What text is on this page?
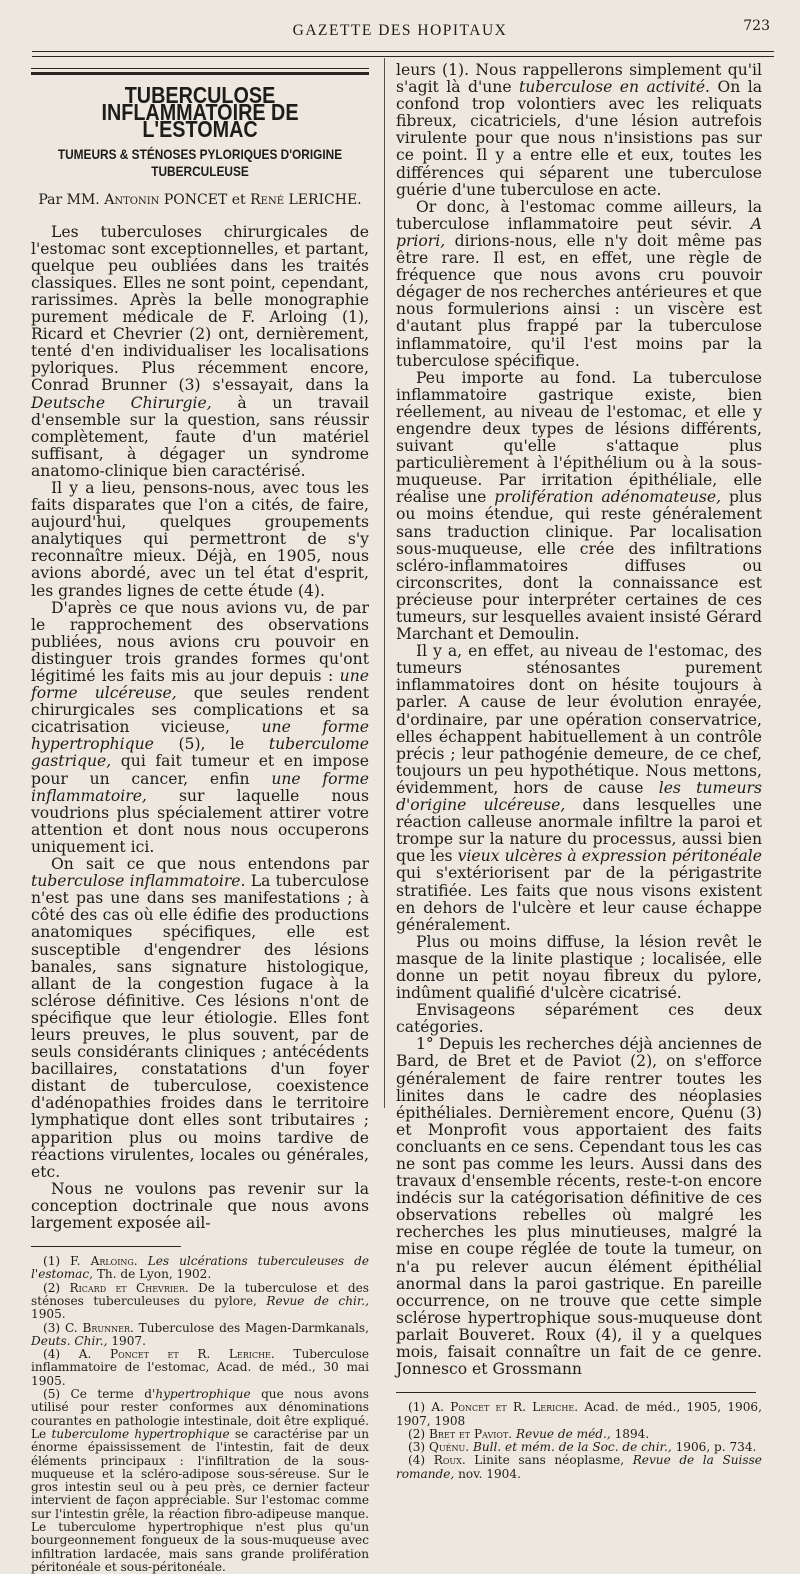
GAZETTE DES HOPITAUX	723
TUBERCULOSE INFLAMMATOIRE DE L'ESTOMAC
TUMEURS & STÉNOSES PYLORIQUES D'ORIGINE TUBERCULEUSE
Par MM. Antonin PONCET et René LERICHE.

Les tuberculoses chirurgicales de l'estomac sont exceptionnelles, et partant, quelque peu oubliées dans les traités classiques. Elles ne sont point, cependant, rarissimes. Après la belle monographie purement médicale de F. Arloing (1), Ricard et Chevrier (2) ont, dernièrement, tenté d'en individualiser les localisations pyloriques. Plus récemment encore, Conrad Brunner (3) s'essayait, dans la Deutsche Chirurgie, à un travail d'ensemble sur la question, sans réussir complètement, faute d'un matériel suffisant, à dégager un syndrome anatomo-clinique bien caractérisé.

Il y a lieu, pensons-nous, avec tous les faits disparates que l'on a cités, de faire, aujourd'hui, quelques groupements analytiques qui permettront de s'y reconnaître mieux. Déjà, en 1905, nous avions abordé, avec un tel état d'esprit, les grandes lignes de cette étude (4).

D'après ce que nous avions vu, de par le rapprochement des observations publiées, nous avions cru pouvoir en distinguer trois grandes formes qu'ont légitimé les faits mis au jour depuis : une forme ulcéreuse, que seules rendent chirurgicales ses complications et sa cicatrisation vicieuse, une forme hypertrophique (5), le tuberculome gastrique, qui fait tumeur et en impose pour un cancer, enfin une forme inflammatoire, sur laquelle nous voudrions plus spécialement attirer votre attention et dont nous nous occuperons uniquement ici.

On sait ce que nous entendons par tuberculose inflammatoire. La tuberculose n'est pas une dans ses manifestations ; à côté des cas où elle édifie des productions anatomiques spécifiques, elle est susceptible d'engendrer des lésions banales, sans signature histologique, allant de la congestion fugace à la sclérose définitive. Ces lésions n'ont de spécifique que leur étiologie. Elles font leurs preuves, le plus souvent, par de seuls considérants cliniques ; antécédents bacillaires, constatations d'un foyer distant de tuberculose, coexistence d'adénopathies froides dans le territoire lymphatique dont elles sont tributaires ; apparition plus ou moins tardive de réactions virulentes, locales ou générales, etc.

Nous ne voulons pas revenir sur la conception doctrinale que nous avons largement exposée ail-

(1) F. Arloing. Les ulcérations tuberculeuses de l'estomac, Th. de Lyon, 1902.

(2) Ricard et Chevrier. De la tuberculose et des sténoses tuberculeuses du pylore, Revue de chir., 1905.

(3) C. Brunner. Tuberculose des Magen-Darmkanals, Deuts. Chir., 1907.

(4) A. Poncet et R. Leriche. Tuberculose inflammatoire de l'estomac, Acad. de méd., 30 mai 1905.

(5) Ce terme d'hypertrophique que nous avons utilisé pour rester conformes aux dénominations courantes en pathologie intestinale, doit être expliqué. Le tuberculome hypertrophique se caractérise par un énorme épaississement de l'intestin, fait de deux éléments principaux : l'infiltration de la sous-muqueuse et la scléro-adipose sous-séreuse. Sur le gros intestin seul ou à peu près, ce dernier facteur intervient de façon appréciable. Sur l'estomac comme sur l'intestin grêle, la réaction fibro-adipeuse manque. Le tuberculome hypertrophique n'est plus qu'un bourgeonnement fongueux de la sous-muqueuse avec infiltration lardacée, mais sans grande prolifération péritonéale et sous-péritonéale.

leurs (1). Nous rappellerons simplement qu'il s'agit là d'une tuberculose en activité. On la confond trop volontiers avec les reliquats fibreux, cicatriciels, d'une lésion autrefois virulente pour que nous n'insistions pas sur ce point. Il y a entre elle et eux, toutes les différences qui séparent une tuberculose guérie d'une tuberculose en acte.

Or donc, à l'estomac comme ailleurs, la tuberculose inflammatoire peut sévir. A priori, dirions-nous, elle n'y doit même pas être rare. Il est, en effet, une règle de fréquence que nous avons cru pouvoir dégager de nos recherches antérieures et que nous formulerions ainsi : un viscère est d'autant plus frappé par la tuberculose inflammatoire, qu'il l'est moins par la tuberculose spécifique.

Peu importe au fond. La tuberculose inflammatoire gastrique existe, bien réellement, au niveau de l'estomac, et elle y engendre deux types de lésions différents, suivant qu'elle s'attaque plus particulièrement à l'épithélium ou à la sous-muqueuse. Par irritation épithéliale, elle réalise une prolifération adénomateuse, plus ou moins étendue, qui reste généralement sans traduction clinique. Par localisation sous-muqueuse, elle crée des infiltrations scléro-inflammatoires diffuses ou circonscrites, dont la connaissance est précieuse pour interpréter certaines de ces tumeurs, sur lesquelles avaient insisté Gérard Marchant et Demoulin.

Il y a, en effet, au niveau de l'estomac, des tumeurs sténosantes purement inflammatoires dont on hésite toujours à parler. A cause de leur évolution enrayée, d'ordinaire, par une opération conservatrice, elles échappent habituellement à un contrôle précis ; leur pathogénie demeure, de ce chef, toujours un peu hypothétique. Nous mettons, évidemment, hors de cause les tumeurs d'origine ulcéreuse, dans lesquelles une réaction calleuse anormale infiltre la paroi et trompe sur la nature du processus, aussi bien que les vieux ulcères à expression péritonéale qui s'extériorisent par de la périgastrite stratifiée. Les faits que nous visons existent en dehors de l'ulcère et leur cause échappe généralement.

Plus ou moins diffuse, la lésion revêt le masque de la linite plastique ; localisée, elle donne un petit noyau fibreux du pylore, indûment qualifié d'ulcère cicatrisé.

Envisageons séparément ces deux catégories.

1° Depuis les recherches déjà anciennes de Bard, de Bret et de Paviot (2), on s'efforce généralement de faire rentrer toutes les linites dans le cadre des néoplasies épithéliales. Dernièrement encore, Quénu (3) et Monprofit vous apportaient des faits concluants en ce sens. Cependant tous les cas ne sont pas comme les leurs. Aussi dans des travaux d'ensemble récents, reste-t-on encore indécis sur la catégorisation définitive de ces observations rebelles où malgré les recherches les plus minutieuses, malgré la mise en coupe réglée de toute la tumeur, on n'a pu relever aucun élément épithélial anormal dans la paroi gastrique. En pareille occurrence, on ne trouve que cette simple sclérose hypertrophique sous-muqueuse dont parlait Bouveret. Roux (4), il y a quelques mois, faisait connaître un fait de ce genre. Jonnesco et Grossmann

(1) A. Poncet et R. Leriche. Acad. de méd., 1905, 1906, 1907, 1908

(2) Bret et Paviot. Revue de méd., 1894.

(3) Quénu. Bull. et mém. de la Soc. de chir., 1906, p. 734.

(4) Roux. Linite sans néoplasme, Revue de la Suisse romande, nov. 1904.
